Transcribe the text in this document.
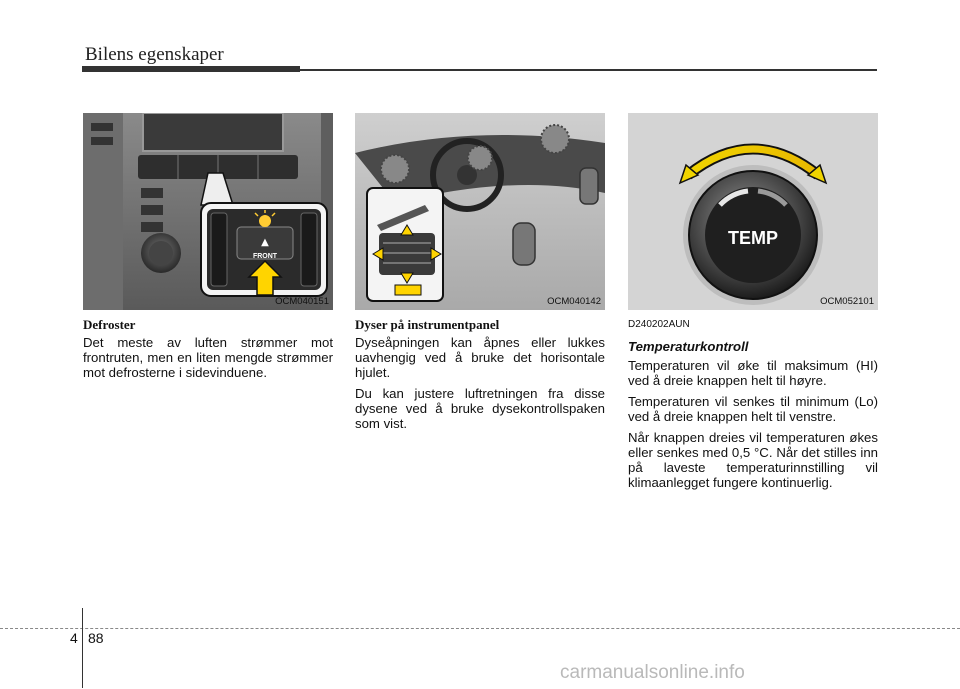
Bilens egenskaper
▲
FRONT
OCM040151	OCM040142
TEMP
OCM052101
Defroster
Det meste av luften strømmer mot frontruten, men en liten mengde strømmer mot defrosterne i sidevinduene.
Dyser på instrumentpanel
Dyseåpningen kan åpnes eller lukkes uavhengig ved å bruke det horisontale hjulet.
Du kan justere luftretningen fra disse dysene ved å bruke dysekontrollspaken som vist.
D240202AUN
Temperaturkontroll
Temperaturen vil øke til maksimum (HI) ved å dreie knappen helt til høyre.
Temperaturen vil senkes til minimum (Lo) ved å dreie knappen helt til venstre.
Når knappen dreies vil temperaturen økes eller senkes med 0,5 °C. Når det stilles inn på laveste temperaturinnstilling vil klimaanlegget fungere kontinuerlig.
4 88
carmanualsonline.info
